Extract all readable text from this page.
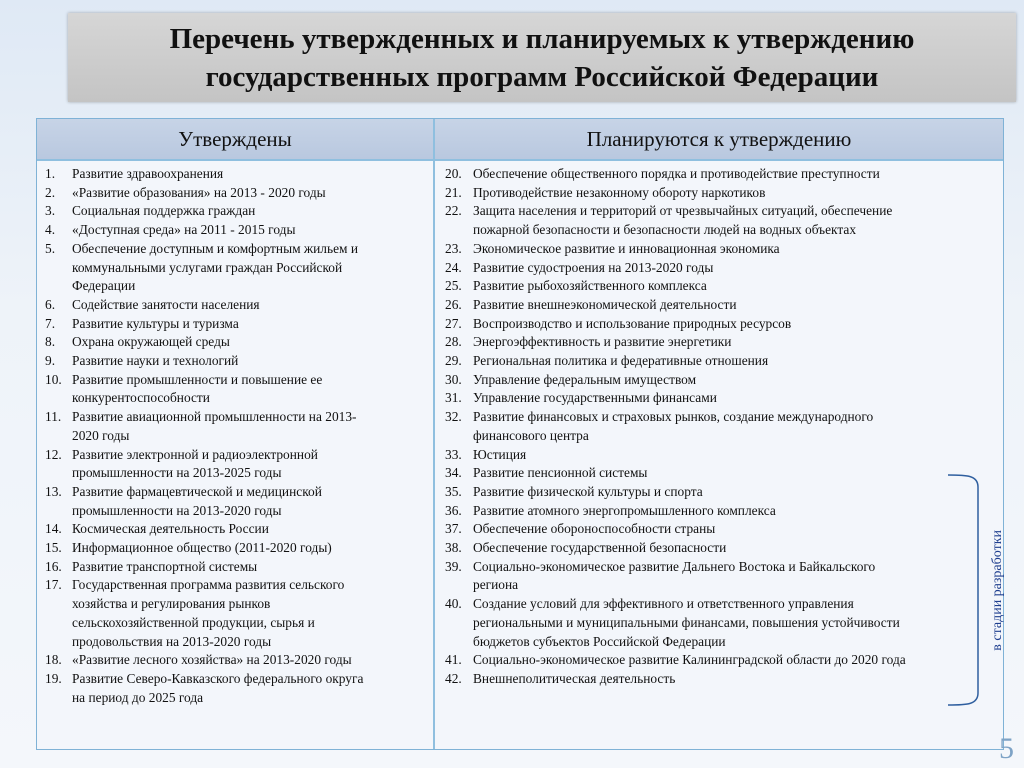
Перечень утвержденных и планируемых к утверждению
государственных программ Российской Федерации
Утверждены	Планируются к утверждению
1.	Развитие здравоохранения
2.	«Развитие образования» на 2013 - 2020 годы
3.	Социальная поддержка граждан
4.	«Доступная среда» на 2011 - 2015 годы
5.	Обеспечение доступным и комфортным жильем и
коммунальными услугами граждан Российской
Федерации
6.	Содействие занятости населения
7.	Развитие культуры и туризма
8.	Охрана окружающей среды
9.	Развитие науки и технологий
10. Развитие промышленности и повышение ее
конкурентоспособности
11. Развитие авиационной промышленности на 2013-
2020 годы
12. Развитие электронной и радиоэлектронной
промышленности на 2013-2025 годы
13. Развитие фармацевтической и медицинской
промышленности на 2013-2020 годы
14. Космическая деятельность России
15. Информационное общество (2011-2020 годы)
16. Развитие транспортной системы
17. Государственная программа развития сельского
хозяйства и регулирования рынков
сельскохозяйственной продукции, сырья и
продовольствия на 2013-2020 годы
18. «Развитие лесного хозяйства» на 2013-2020 годы
19. Развитие Северо-Кавказского федерального округа
на период до 2025 года
20. Обеспечение общественного порядка и противодействие преступности
21. Противодействие незаконному обороту наркотиков
22. Защита населения и территорий от чрезвычайных ситуаций, обеспечение
пожарной безопасности и безопасности людей на водных объектах
23. Экономическое развитие и инновационная экономика
24. Развитие судостроения на 2013-2020 годы
25. Развитие рыбохозяйственного комплекса
26. Развитие внешнеэкономической деятельности
27. Воспроизводство и использование природных ресурсов
28. Энергоэффективность и развитие энергетики
29. Региональная политика и федеративные отношения
30. Управление федеральным имуществом
31. Управление государственными финансами
32. Развитие финансовых и страховых рынков, создание международного
финансового центра
33. Юстиция
34. Развитие пенсионной системы
35. Развитие физической культуры и спорта
36. Развитие атомного энергопромышленного комплекса
37. Обеспечение обороноспособности страны
38. Обеспечение государственной безопасности
39. Социально-экономическое развитие Дальнего Востока и Байкальского
региона
40. Создание условий для эффективного и ответственного управления
региональными и муниципальными финансами, повышения устойчивости
бюджетов субъектов Российской Федерации
41. Социально-экономическое развитие Калининградской области до 2020 года
42. Внешнеполитическая деятельность
в стадии разработки
5
